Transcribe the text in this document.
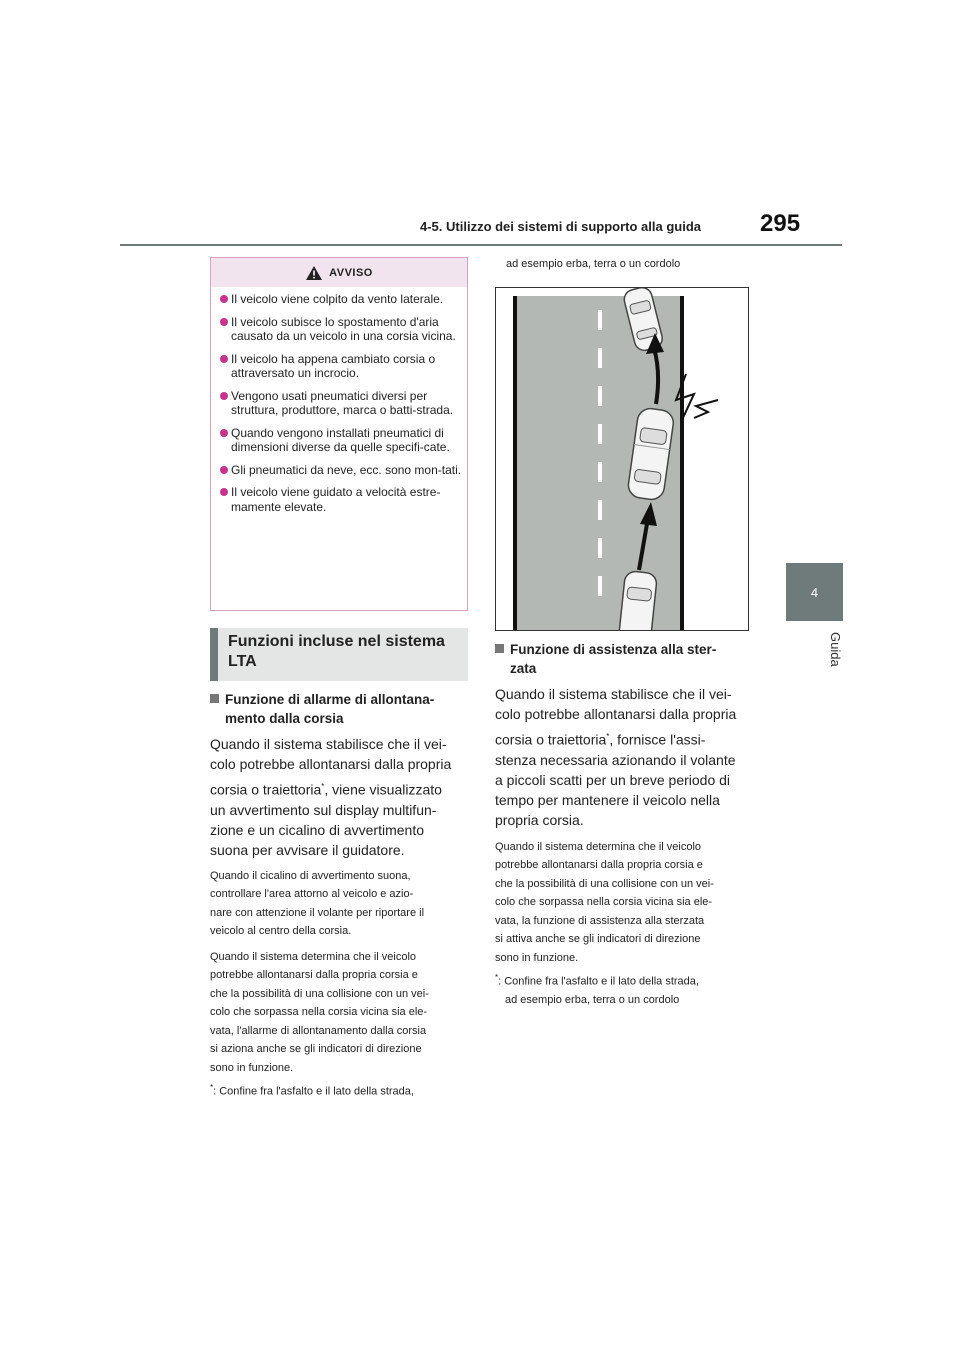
4-5. Utilizzo dei sistemi di supporto alla guida 295
4
Guida
AVVISO
Il veicolo viene colpito da vento laterale.
Il veicolo subisce lo spostamento d'aria causato da un veicolo in una corsia vicina.
Il veicolo ha appena cambiato corsia o attraversato un incrocio.
Vengono usati pneumatici diversi per struttura, produttore, marca o batti-strada.
Quando vengono installati pneumatici di dimensioni diverse da quelle specifi-cate.
Gli pneumatici da neve, ecc. sono mon-tati.
Il veicolo viene guidato a velocità estre-mamente elevate.
Funzioni incluse nel sistema
LTA
Funzione di allarme di allontana-
mento dalla corsia
Quando il sistema stabilisce che il vei-
colo potrebbe allontanarsi dalla propria
corsia o traiettoria*, viene visualizzato
un avvertimento sul display multifun-
zione e un cicalino di avvertimento
suona per avvisare il guidatore.
Quando il cicalino di avvertimento suona,
controllare l'area attorno al veicolo e azio-
nare con attenzione il volante per riportare il
veicolo al centro della corsia.
Quando il sistema determina che il veicolo
potrebbe allontanarsi dalla propria corsia e
che la possibilità di una collisione con un vei-
colo che sorpassa nella corsia vicina sia ele-
vata, l'allarme di allontanamento dalla corsia
si aziona anche se gli indicatori di direzione
sono in funzione.
*: Confine fra l'asfalto e il lato della strada,
ad esempio erba, terra o un cordolo
Funzione di assistenza alla ster-
zata
Quando il sistema stabilisce che il vei-
colo potrebbe allontanarsi dalla propria
corsia o traiettoria*, fornisce l'assi-
stenza necessaria azionando il volante
a piccoli scatti per un breve periodo di
tempo per mantenere il veicolo nella
propria corsia.
Quando il sistema determina che il veicolo
potrebbe allontanarsi dalla propria corsia e
che la possibilità di una collisione con un vei-
colo che sorpassa nella corsia vicina sia ele-
vata, la funzione di assistenza alla sterzata
si attiva anche se gli indicatori di direzione
sono in funzione.
*: Confine fra l'asfalto e il lato della strada,
ad esempio erba, terra o un cordolo
